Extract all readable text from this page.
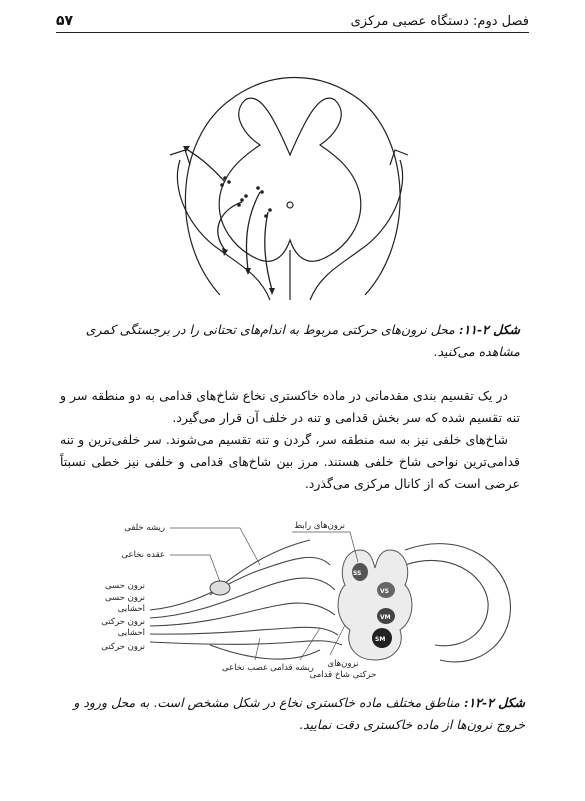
فصل دوم: دستگاه عصبی مرکزی
۵۷
شکل ۲-۱۱: محل نرون‌های حرکتی مربوط به اندام‌های تحتانی را در برجستگی کمری مشاهده می‌کنید.

در یک تقسیم بندی مقدماتی در ماده خاکستری نخاع شاخ‌های قدامی به دو منطقه سر و تنه تقسیم شده که سر بخش قدامی و تنه در خلف آن قرار می‌گیرد.

شاخ‌های خلفی نیز به سه منطقه سر، گردن و تنه تقسیم می‌شوند. سر خلفی‌ترین و تنه قدامی‌ترین نواحی شاخ خلفی هستند. مرز بین شاخ‌های قدامی و خلفی نیز خطی نسبتاً عرضی است که از کانال مرکزی می‌گذرد.

SS
VS
VM
SM
ریشه خلفی
عقده نخاعی
نرون حسی
نرون حسی
احشایی
نرون حرکتی
احشایی
نرون حرکتی
نرون‌های رابط
عصب نخاعی ریشه قدامی نرون‌های
حرکتی شاخ قدامی
شکل ۲-۱۲: مناطق مختلف ماده خاکستری نخاع در شکل مشخص است. به محل ورود و خروج نرون‌ها از ماده خاکستری دقت نمایید.
